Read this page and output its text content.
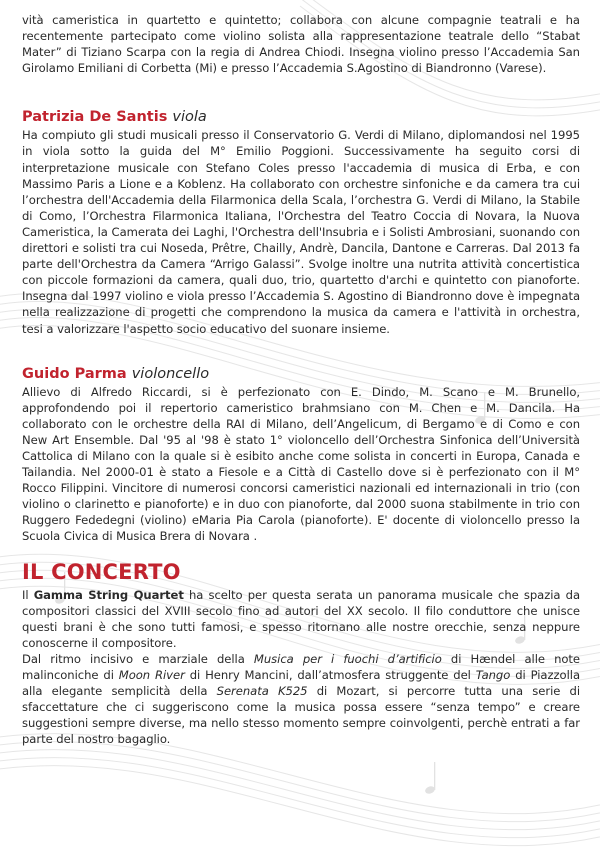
vità cameristica in quartetto e quintetto; collabora con alcune compagnie teatrali e ha recentemente partecipato come violino solista alla rappresentazione teatrale dello “Stabat Mater” di Tiziano Scarpa con la regia di Andrea Chiodi. Insegna violino presso l’Accademia San Girolamo Emiliani di Corbetta (Mi) e presso l’Accademia S.Agostino di Biandronno (Varese).

Patrizia De Santis viola

Ha compiuto gli studi musicali presso il Conservatorio G. Verdi di Milano, diplomandosi nel 1995 in viola sotto la guida del M° Emilio Poggioni. Successivamente ha seguito corsi di interpretazione musicale con Stefano Coles presso l'accademia di musica di Erba, e con Massimo Paris a Lione e a Koblenz. Ha collaborato con orchestre sinfoniche e da camera tra cui l’orchestra dell'Accademia della Filarmonica della Scala, l’orchestra G. Verdi di Milano, la Stabile di Como, l’Orchestra Filarmonica Italiana, l'Orchestra del Teatro Coccia di Novara, la Nuova Cameristica, la Camerata dei Laghi, l'Orchestra dell'Insubria e i Solisti Ambrosiani, suonando con direttori e solisti tra cui Noseda, Prêtre, Chailly, Andrè, Dancila, Dantone e Carreras. Dal 2013 fa parte dell'Orchestra da Camera “Arrigo Galassi”. Svolge inoltre una nutrita attività concertistica con piccole formazioni da camera, quali duo, trio, quartetto d'archi e quintetto con pianoforte. Insegna dal 1997 violino e viola presso l’Accademia S. Agostino di Biandronno dove è impegnata nella realizzazione di progetti che comprendono la musica da camera e l'attività in orchestra, tesi a valorizzare l'aspetto socio educativo del suonare insieme.

Guido Parma violoncello

Allievo di Alfredo Riccardi, si è perfezionato con E. Dindo, M. Scano e M. Brunello, approfondendo poi il repertorio cameristico brahmsiano con M. Chen e M. Dancila. Ha collaborato con le orchestre della RAI di Milano, dell’Angelicum, di Bergamo e di Como e con New Art Ensemble. Dal '95 al '98 è stato 1° violoncello dell’Orchestra Sinfonica dell’Università Cattolica di Milano con la quale si è esibito anche come solista in concerti in Europa, Canada e Tailandia. Nel 2000-01 è stato a Fiesole e a Città di Castello dove si è perfezionato con il M° Rocco Filippini. Vincitore di numerosi concorsi cameristici nazionali ed internazionali in trio (con violino o clarinetto e pianoforte) e in duo con pianoforte, dal 2000 suona stabilmente in trio con Ruggero Fededegni (violino) eMaria Pia Carola (pianoforte). E' docente di violoncello presso la Scuola Civica di Musica Brera di Novara .

IL CONCERTO

Il Gamma String Quartet ha scelto per questa serata un panorama musicale che spazia da compositori classici del XVIII secolo fino ad autori del XX secolo. Il filo conduttore che unisce questi brani è che sono tutti famosi, e spesso ritornano alle nostre orecchie, senza neppure conoscerne il compositore.

Dal ritmo incisivo e marziale della Musica per i fuochi d’artificio di Hændel alle note malinconiche di Moon River di Henry Mancini, dall’atmosfera struggente del Tango di Piazzolla alla elegante semplicità della Serenata K525 di Mozart, si percorre tutta una serie di sfaccettature che ci suggeriscono come la musica possa essere “senza tempo” e creare suggestioni sempre diverse, ma nello stesso momento sempre coinvolgenti, perchè entrati a far parte del nostro bagaglio.
